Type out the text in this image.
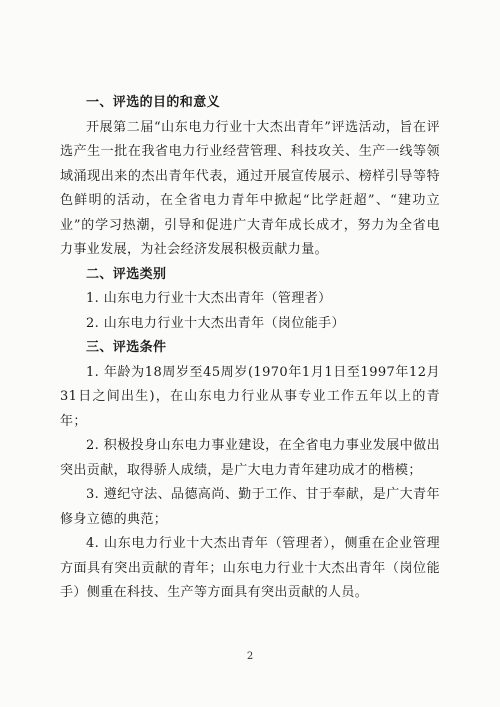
一、评选的目的和意义

开展第二届“山东电力行业十大杰出青年”评选活动，旨在评选产生一批在我省电力行业经营管理、科技攻关、生产一线等领域涌现出来的杰出青年代表，通过开展宣传展示、榜样引导等特色鲜明的活动，在全省电力青年中掀起“比学赶超”、“建功立业”的学习热潮，引导和促进广大青年成长成才，努力为全省电力事业发展，为社会经济发展积极贡献力量。

二、评选类别

1. 山东电力行业十大杰出青年（管理者）

2. 山东电力行业十大杰出青年（岗位能手）

三、评选条件

1. 年龄为18周岁至45周岁(1970年1月1日至1997年12月31日之间出生)，在山东电力行业从事专业工作五年以上的青年；

2. 积极投身山东电力事业建设，在全省电力事业发展中做出突出贡献，取得骄人成绩，是广大电力青年建功成才的楷模；

3. 遵纪守法、品德高尚、勤于工作、甘于奉献，是广大青年修身立德的典范；

4. 山东电力行业十大杰出青年（管理者），侧重在企业管理方面具有突出贡献的青年；山东电力行业十大杰出青年（岗位能手）侧重在科技、生产等方面具有突出贡献的人员。

2
